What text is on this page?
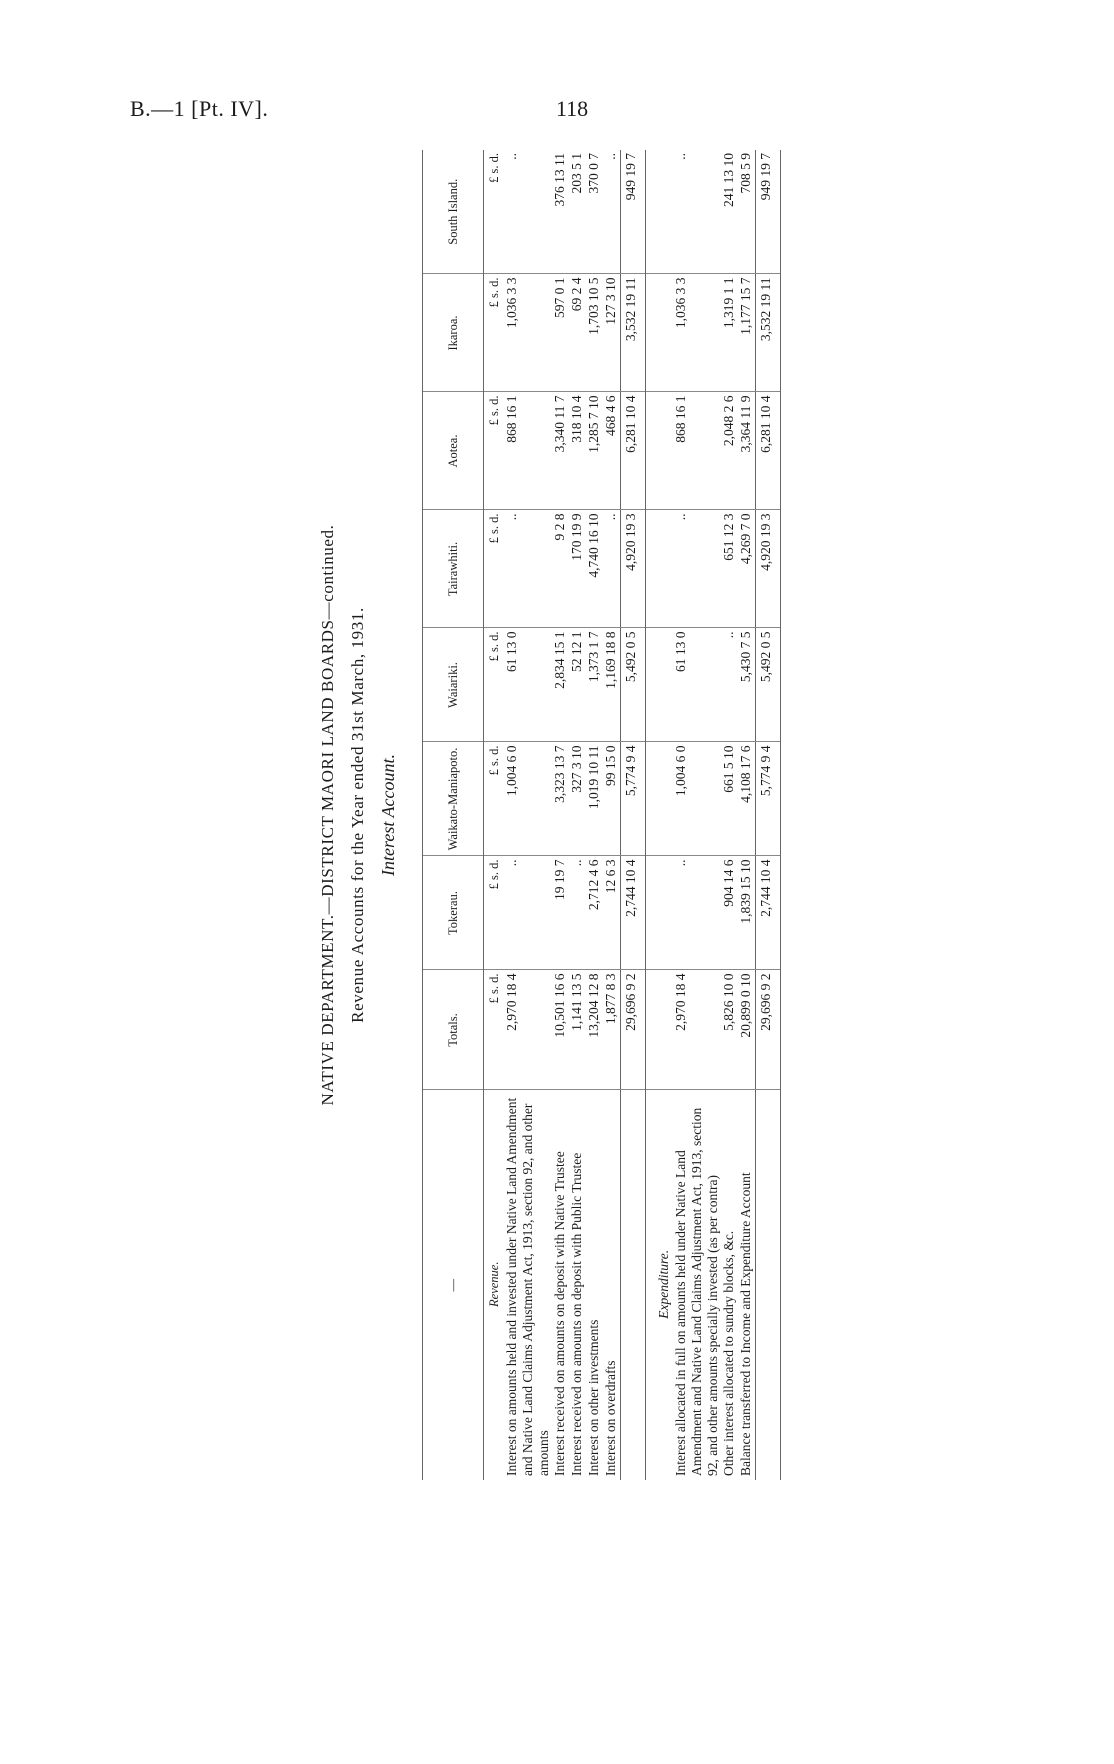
B.—1 [Pt. IV].	118
NATIVE DEPARTMENT.—DISTRICT MAORI LAND BOARDS—continued. Revenue Accounts for the Year ended 31st March, 1931. Interest Account.
—	Totals.	Tokerau.	Waikato-Maniapoto.	Waiariki.	Tairawhiti.	Aotea.	Ikaroa.	South Island.
Revenue.	£ s. d.	£ s. d.	£ s. d.	£ s. d.	£ s. d.	£ s. d.	£ s. d.	£ s. d.
Interest on amounts held and invested under Native Land Amendment and Native Land Claims Adjustment Act, 1913, section 92, and other amounts	2,970 18 4	..	1,004 6 0	61 13 0	..	868 16 1	1,036 3 3	..
Interest received on amounts on deposit with Native Trustee	10,501 16 6	19 19 7	3,323 13 7	2,834 15 1	9 2 8	3,340 11 7	597 0 1	376 13 11
Interest received on amounts on deposit with Public Trustee	1,141 13 5	..	327 3 10	52 12 1	170 19 9	318 10 4	69 2 4	203 5 1
Interest on other investments	13,204 12 8	2,712 4 6	1,019 10 11	1,373 1 7	4,740 16 10	1,285 7 10	1,703 10 5	370 0 7
Interest on overdrafts	1,877 8 3	12 6 3	99 15 0	1,169 18 8	..	468 4 6	127 3 10	..
	29,696 9 2	2,744 10 4	5,774 9 4	5,492 0 5	4,920 19 3	6,281 10 4	3,532 19 11	949 19 7
Expenditure.								
Interest allocated in full on amounts held under Native Land Amendment and Native Land Claims Adjustment Act, 1913, section 92, and other amounts specially invested (as per contra)	2,970 18 4	..	1,004 6 0	61 13 0	..	868 16 1	1,036 3 3	..
Other interest allocated to sundry blocks, &c.	5,826 10 0	904 14 6	661 5 10	..	651 12 3	2,048 2 6	1,319 1 1	241 13 10
Balance transferred to Income and Expenditure Account	20,899 0 10	1,839 15 10	4,108 17 6	5,430 7 5	4,269 7 0	3,364 11 9	1,177 15 7	708 5 9
	29,696 9 2	2,744 10 4	5,774 9 4	5,492 0 5	4,920 19 3	6,281 10 4	3,532 19 11	949 19 7
